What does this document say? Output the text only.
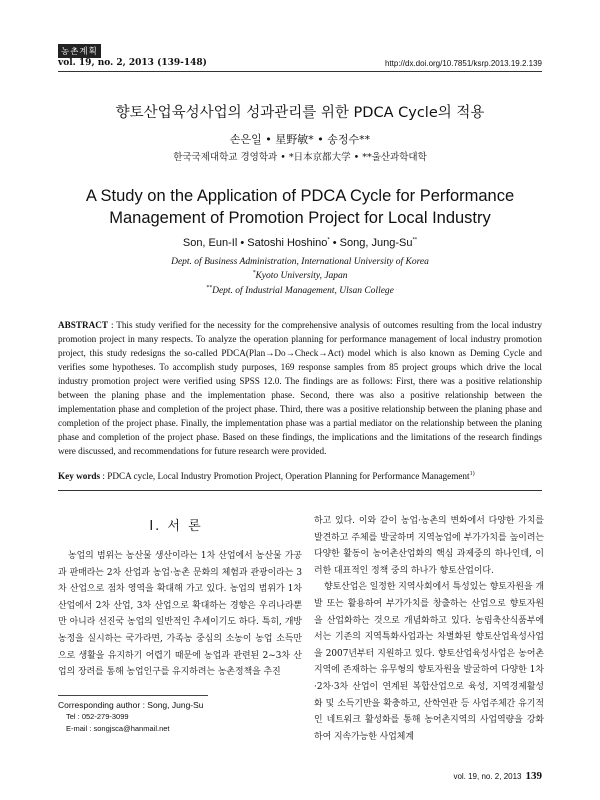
농촌계획
vol. 19, no. 2, 2013 (139-148)	http://dx.doi.org/10.7851/ksrp.2013.19.2.139
향토산업육성사업의 성과관리를 위한 PDCA Cycle의 적용
손은일 • 星野敏* • 송정수**
한국국제대학교 경영학과 • *日本京都大学 • **울산과학대학
A Study on the Application of PDCA Cycle for Performance
Management of Promotion Project for Local Industry
Son, Eun-Il • Satoshi Hoshino* • Song, Jung-Su**
Dept. of Business Administration, International University of Korea
*Kyoto University, Japan
**Dept. of Industrial Management, Ulsan College
ABSTRACT : This study verified for the necessity for the comprehensive analysis of outcomes resulting from the local industry promotion project in many respects. To analyze the operation planning for performance management of local industry promotion project, this study redesigns the so-called PDCA(Plan→Do→Check→Act) model which is also known as Deming Cycle and verifies some hypotheses. To accomplish study purposes, 169 response samples from 85 project groups which drive the local industry promotion project were verified using SPSS 12.0. The findings are as follows: First, there was a positive relationship between the planing phase and the implementation phase. Second, there was also a positive relationship between the implementation phase and completion of the project phase. Third, there was a positive relationship between the planing phase and completion of the project phase. Finally, the implementation phase was a partial mediator on the relationship between the planing phase and completion of the project phase. Based on these findings, the implications and the limitations of the research findings were discussed, and recommendations for future research were provided.
Key words : PDCA cycle, Local Industry Promotion Project, Operation Planning for Performance Management$^{1)}$
Ⅰ. 서 론

농업의 범위는 농산물 생산이라는 1차 산업에서 농산물 가공과 판매라는 2차 산업과 농업·농촌 문화의 체험과 관광이라는 3차 산업으로 점차 영역을 확대해 가고 있다. 농업의 범위가 1차 산업에서 2차 산업, 3차 산업으로 확대하는 경향은 우리나라뿐만 아니라 선진국 농업의 일반적인 추세이기도 하다. 특히, 개방농정을 실시하는 국가라면, 가족농 중심의 소농이 농업 소득만으로 생활을 유지하기 어렵기 때문에 농업과 관련된 2~3차 산업의 장려를 통해 농업인구를 유지하려는 농촌정책을 추진

하고 있다. 이와 같이 농업·농촌의 변화에서 다양한 가치를 발견하고 주체를 발굴하며 지역농업에 부가가치를 높이려는 다양한 활동이 농어촌산업화의 핵심 과제중의 하나인데, 이러한 대표적인 정책 중의 하나가 향토산업이다.

향토산업은 일정한 지역사회에서 특성있는 향토자원을 개발 또는 활용하여 부가가치를 창출하는 산업으로 향토자원을 산업화하는 것으로 개념화하고 있다. 농림축산식품부에서는 기존의 지역특화사업과는 차별화된 향토산업육성사업을 2007년부터 지원하고 있다. 향토산업육성사업은 농어촌지역에 존재하는 유무형의 향토자원을 발굴하여 다양한 1차·2차·3차 산업이 연계된 복합산업으로 육성, 지역경제활성화 및 소득기반을 확충하고, 산학연관 등 사업주체간 유기적인 네트워크 활성화를 통해 농어촌지역의 사업역량을 강화하여 지속가능한 사업체계

Corresponding author : Song, Jung-Su
Tel : 052-279-3099
E-mail : songjsca@hanmail.net
vol. 19, no. 2, 2013 139
